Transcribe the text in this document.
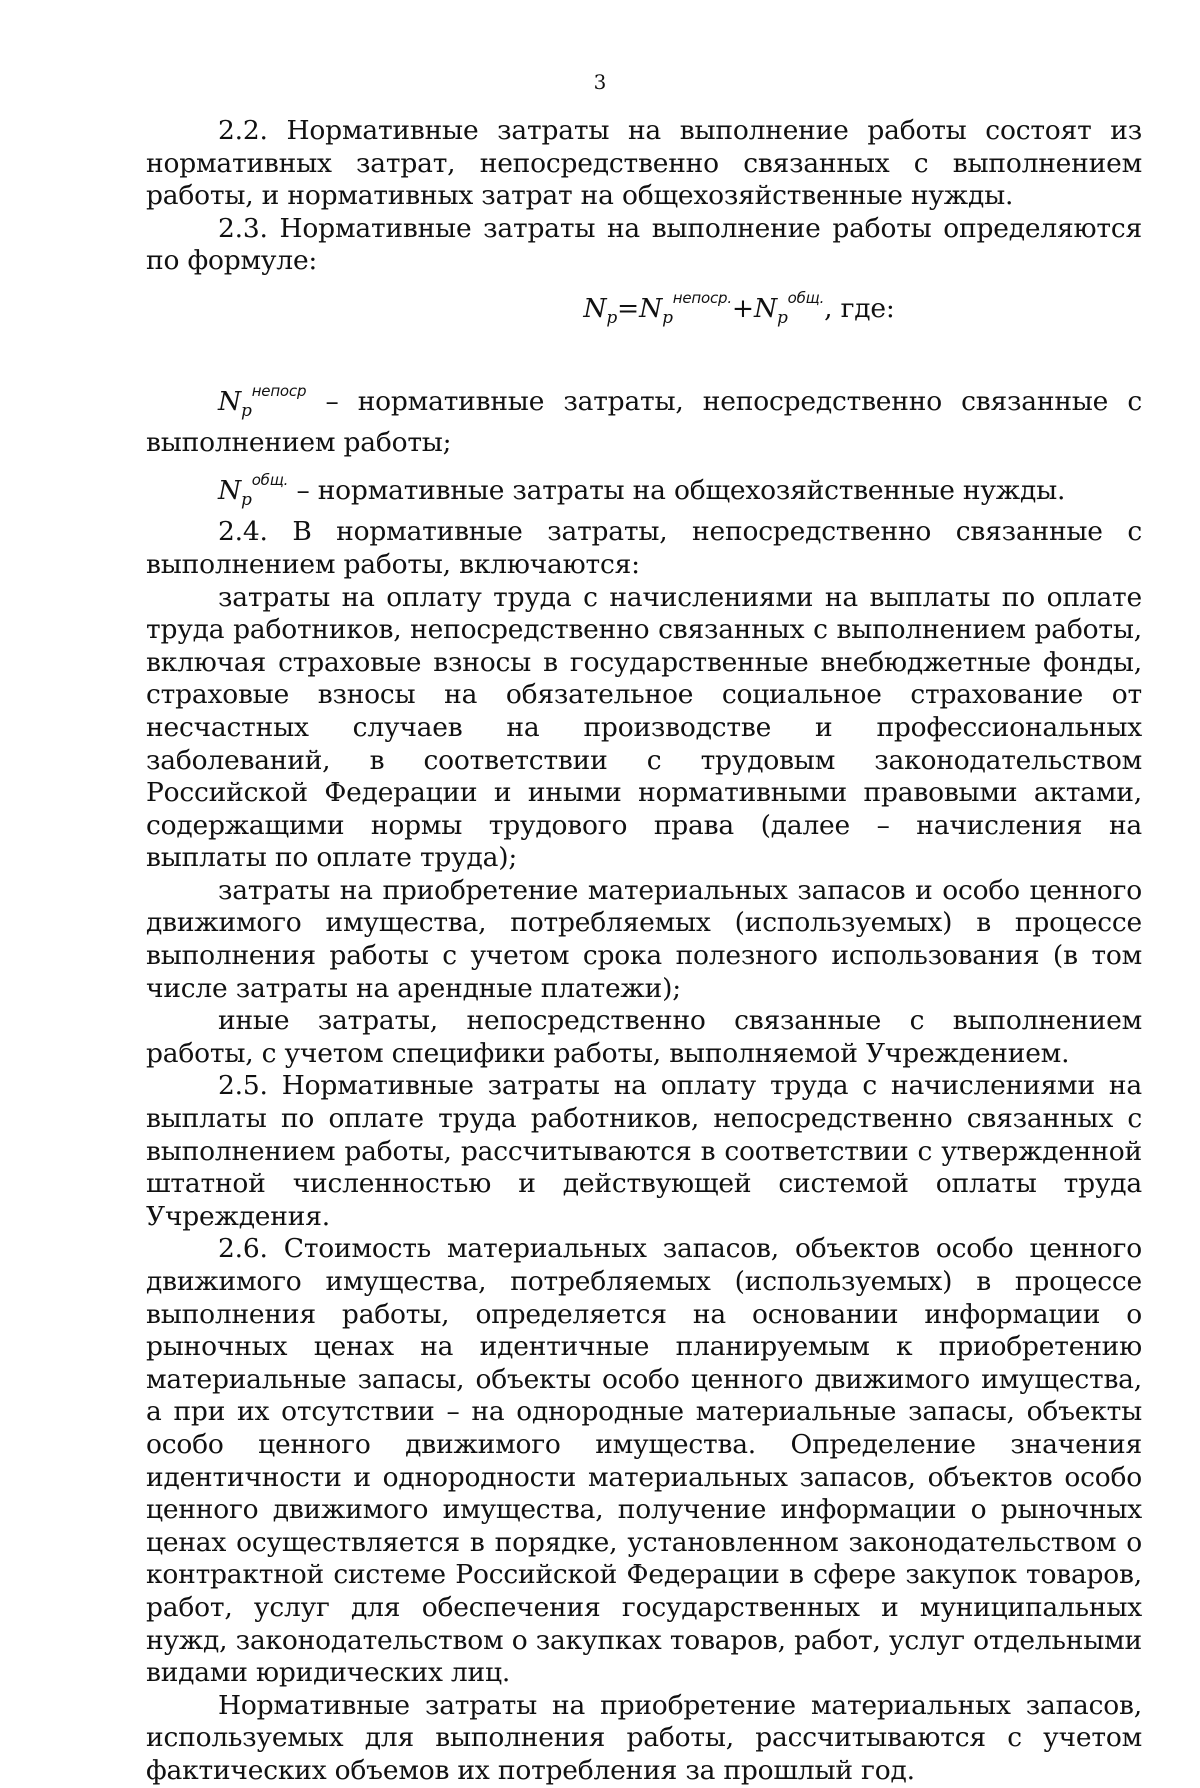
3

2.2. Нормативные затраты на выполнение работы состоят из нормативных затрат, непосредственно связанных с выполнением работы, и нормативных затрат на общехозяйственные нужды.

2.3. Нормативные затраты на выполнение работы определяются по формуле:

$N_p=N_p^{непоср.}+N_p^{общ.}$, где:

$N_p^{непоср}$ – нормативные затраты, непосредственно связанные с выполнением работы;

$N_p^{общ.}$ – нормативные затраты на общехозяйственные нужды.

2.4. В нормативные затраты, непосредственно связанные с выполнением работы, включаются:

затраты на оплату труда с начислениями на выплаты по оплате труда работников, непосредственно связанных с выполнением работы, включая страховые взносы в государственные внебюджетные фонды, страховые взносы на обязательное социальное страхование от несчастных случаев на производстве и профессиональных заболеваний, в соответствии с трудовым законодательством Российской Федерации и иными нормативными правовыми актами, содержащими нормы трудового права (далее – начисления на выплаты по оплате труда);

затраты на приобретение материальных запасов и особо ценного движимого имущества, потребляемых (используемых) в процессе выполнения работы с учетом срока полезного использования (в том числе затраты на арендные платежи);

иные затраты, непосредственно связанные с выполнением работы, с учетом специфики работы, выполняемой Учреждением.

2.5. Нормативные затраты на оплату труда с начислениями на выплаты по оплате труда работников, непосредственно связанных с выполнением работы, рассчитываются в соответствии с утвержденной штатной численностью и действующей системой оплаты труда Учреждения.

2.6. Стоимость материальных запасов, объектов особо ценного движимого имущества, потребляемых (используемых) в процессе выполнения работы, определяется на основании информации о рыночных ценах на идентичные планируемым к приобретению материальные запасы, объекты особо ценного движимого имущества, а при их отсутствии – на однородные материальные запасы, объекты особо ценного движимого имущества. Определение значения идентичности и однородности материальных запасов, объектов особо ценного движимого имущества, получение информации о рыночных ценах осуществляется в порядке, установленном законодательством о контрактной системе Российской Федерации в сфере закупок товаров, работ, услуг для обеспечения государственных и муниципальных нужд, законодательством о закупках товаров, работ, услуг отдельными видами юридических лиц.

Нормативные затраты на приобретение материальных запасов, используемых для выполнения работы, рассчитываются с учетом фактических объемов их потребления за прошлый год.
